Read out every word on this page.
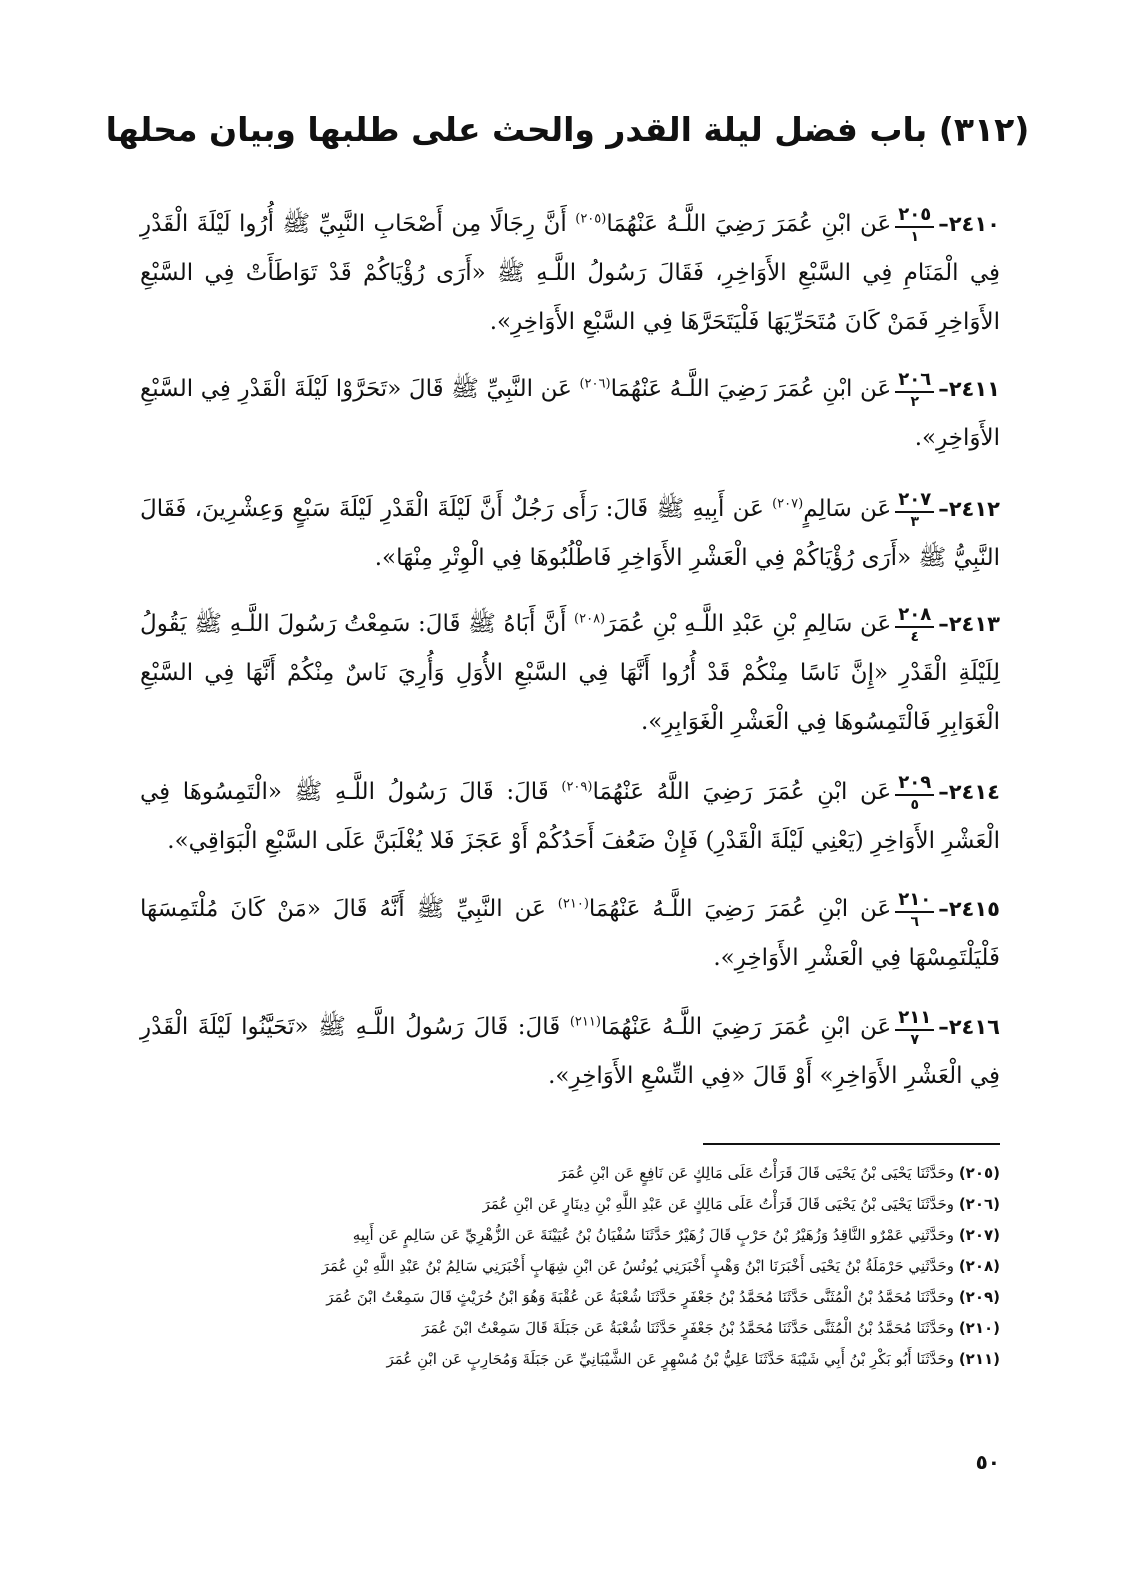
(٣١٢) باب فضل ليلة القدر والحث على طلبها وبيان محلها
٢٤١٠–
$\frac{٢٠٥}{١}$
عَن ابْنِ عُمَرَ رَضِيَ اللَّـهُ عَنْهُمَا$^{(٢٠٥)}$ أَنَّ رِجَالًا مِن أَصْحَابِ النَّبِيِّ ﷺ أُرُوا لَيْلَةَ الْقَدْرِ فِي الْمَنَامِ فِي السَّبْعِ الأَوَاخِرِ، فَقَالَ رَسُولُ اللَّـهِ ﷺ «أَرَى رُؤْيَاكُمْ قَدْ تَوَاطَأَتْ فِي السَّبْعِ الأَوَاخِرِ فَمَنْ كَانَ مُتَحَرِّيَهَا فَلْيَتَحَرَّهَا فِي السَّبْعِ الأَوَاخِرِ».
٢٤١١–
$\frac{٢٠٦}{٢}$
عَن ابْنِ عُمَرَ رَضِيَ اللَّـهُ عَنْهُمَا$^{(٢٠٦)}$ عَن النَّبِيِّ ﷺ قَالَ «تَحَرَّوْا لَيْلَةَ الْقَدْرِ فِي السَّبْعِ الأَوَاخِرِ».
٢٤١٢–
$\frac{٢٠٧}{٣}$
عَن سَالِمٍ$^{(٢٠٧)}$ عَن أَبِيهِ ﷺ قَالَ: رَأَى رَجُلٌ أَنَّ لَيْلَةَ الْقَدْرِ لَيْلَةَ سَبْعٍ وَعِشْرِينَ، فَقَالَ النَّبِيُّ ﷺ «أَرَى رُؤْيَاكُمْ فِي الْعَشْرِ الأَوَاخِرِ فَاطْلُبُوهَا فِي الْوِتْرِ مِنْهَا».
٢٤١٣–
$\frac{٢٠٨}{٤}$
عَن سَالِمِ بْنِ عَبْدِ اللَّـهِ بْنِ عُمَرَ$^{(٢٠٨)}$ أَنَّ أَبَاهُ ﷺ قَالَ: سَمِعْتُ رَسُولَ اللَّـهِ ﷺ يَقُولُ لِلَيْلَةِ الْقَدْرِ «إِنَّ نَاسًا مِنْكُمْ قَدْ أُرُوا أَنَّهَا فِي السَّبْعِ الأُوَلِ وَأُرِيَ نَاسٌ مِنْكُمْ أَنَّهَا فِي السَّبْعِ الْغَوَابِرِ فَالْتَمِسُوهَا فِي الْعَشْرِ الْغَوَابِرِ».
٢٤١٤–
$\frac{٢٠٩}{٥}$
عَن ابْنِ عُمَرَ رَضِيَ اللَّهُ عَنْهُمَا$^{(٢٠٩)}$ قَالَ: قَالَ رَسُولُ اللَّـهِ ﷺ «الْتَمِسُوهَا فِي الْعَشْرِ الأَوَاخِرِ (يَعْنِي لَيْلَةَ الْقَدْرِ) فَإِنْ ضَعُفَ أَحَدُكُمْ أَوْ عَجَزَ فَلا يُغْلَبَنَّ عَلَى السَّبْعِ الْبَوَاقِي».
٢٤١٥–
$\frac{٢١٠}{٦}$
عَن ابْنِ عُمَرَ رَضِيَ اللَّـهُ عَنْهُمَا$^{(٢١٠)}$ عَن النَّبِيِّ ﷺ أَنَّهُ قَالَ «مَنْ كَانَ مُلْتَمِسَهَا فَلْيَلْتَمِسْهَا فِي الْعَشْرِ الأَوَاخِرِ».
٢٤١٦–
$\frac{٢١١}{٧}$
عَن ابْنِ عُمَرَ رَضِيَ اللَّـهُ عَنْهُمَا$^{(٢١١)}$ قَالَ: قَالَ رَسُولُ اللَّـهِ ﷺ «تَحَيَّنُوا لَيْلَةَ الْقَدْرِ فِي الْعَشْرِ الأَوَاخِرِ» أَوْ قَالَ «فِي التِّسْعِ الأَوَاخِرِ».
(٢٠٥) وحَدَّثَنَا يَحْيَى بْنُ يَحْيَى قَالَ قَرَأْتُ عَلَى مَالِكٍ عَن نَافِعٍ عَن ابْنِ عُمَرَ
(٢٠٦) وحَدَّثَنَا يَحْيَى بْنُ يَحْيَى قَالَ قَرَأْتُ عَلَى مَالِكٍ عَن عَبْدِ اللَّهِ بْنِ دِينَارٍ عَن ابْنِ عُمَرَ
(٢٠٧) وحَدَّثَنِي عَمْرٌو النَّاقِدُ وَزُهَيْرُ بْنُ حَرْبٍ قَالَ زُهَيْرٌ حَدَّثَنَا سُفْيَانُ بْنُ عُيَيْنَةَ عَن الزُّهْرِيِّ عَن سَالِمٍ عَن أَبِيهِ
(٢٠٨) وحَدَّثَنِي حَرْمَلَةُ بْنُ يَحْيَى أَخْبَرَنَا ابْنُ وَهْبٍ أَخْبَرَنِي يُونُسُ عَن ابْنِ شِهَابٍ أَخْبَرَنِي سَالِمُ بْنُ عَبْدِ اللَّهِ بْنِ عُمَرَ
(٢٠٩) وحَدَّثَنَا مُحَمَّدُ بْنُ الْمُثَنَّى حَدَّثَنَا مُحَمَّدُ بْنُ جَعْفَرٍ حَدَّثَنَا شُعْبَةُ عَن عُقْبَةَ وَهُوَ ابْنُ حُرَيْثٍ قَالَ سَمِعْتُ ابْنَ عُمَرَ
(٢١٠) وحَدَّثَنَا مُحَمَّدُ بْنُ الْمُثَنَّى حَدَّثَنَا مُحَمَّدُ بْنُ جَعْفَرٍ حَدَّثَنَا شُعْبَةُ عَن جَبَلَةَ قَالَ سَمِعْتُ ابْنَ عُمَرَ
(٢١١) وحَدَّثَنَا أَبُو بَكْرِ بْنُ أَبِي شَيْبَةَ حَدَّثَنَا عَلِيُّ بْنُ مُسْهِرٍ عَن الشَّيْبَانِيِّ عَن جَبَلَةَ وَمُحَارِبٍ عَن ابْنِ عُمَرَ
٥٠
